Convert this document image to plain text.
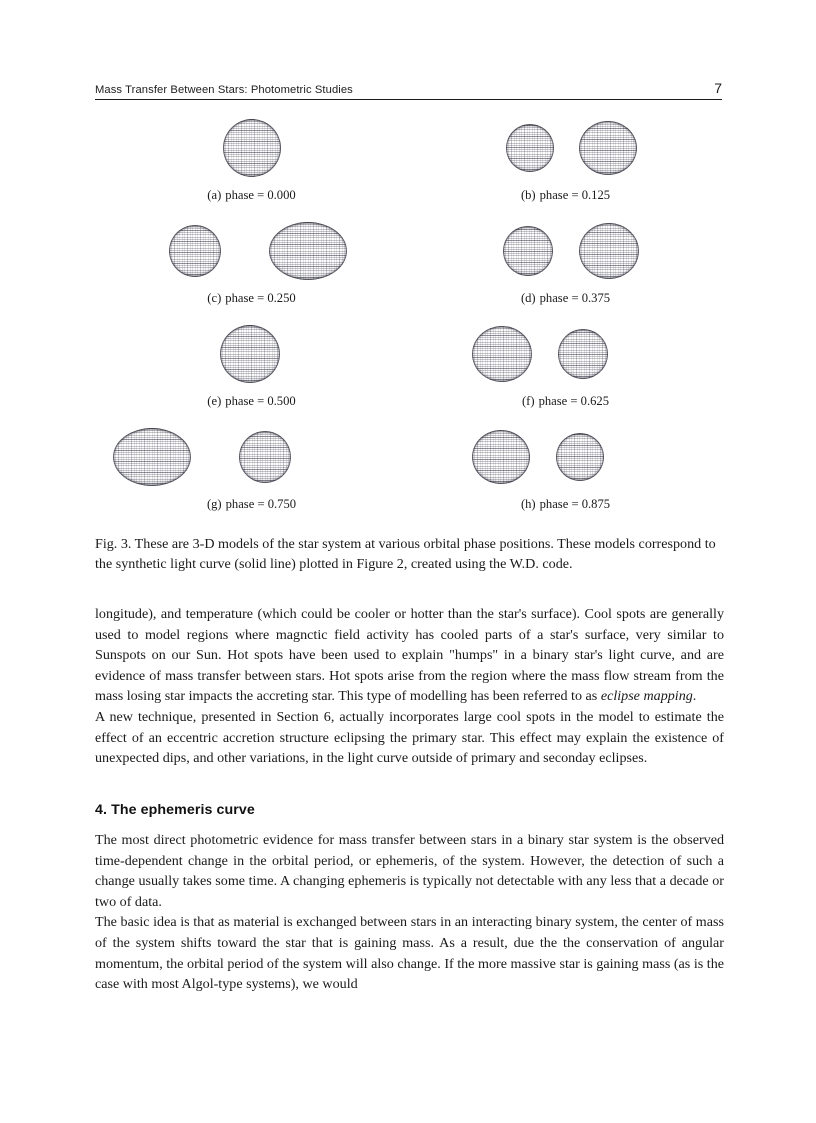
Mass Transfer Between Stars: Photometric Studies	7
(a) phase = 0.000	(b) phase = 0.125
(c) phase = 0.250	(d) phase = 0.375
(e) phase = 0.500	(f) phase = 0.625
(g) phase = 0.750	(h) phase = 0.875
Fig. 3. These are 3-D models of the star system at various orbital phase positions. These models correspond to the synthetic light curve (solid line) plotted in Figure 2, created using the W.D. code.

longitude), and temperature (which could be cooler or hotter than the star's surface). Cool spots are generally used to model regions where magnctic field activity has cooled parts of a star's surface, very similar to Sunspots on our Sun. Hot spots have been used to explain "humps" in a binary star's light curve, and are evidence of mass transfer between stars. Hot spots arise from the region where the mass flow stream from the mass losing star impacts the accreting star. This type of modelling has been referred to as eclipse mapping.

A new technique, presented in Section 6, actually incorporates large cool spots in the model to estimate the effect of an eccentric accretion structure eclipsing the primary star. This effect may explain the existence of unexpected dips, and other variations, in the light curve outside of primary and seconday eclipses.

4. The ephemeris curve

The most direct photometric evidence for mass transfer between stars in a binary star system is the observed time-dependent change in the orbital period, or ephemeris, of the system. However, the detection of such a change usually takes some time. A changing ephemeris is typically not detectable with any less that a decade or two of data.

The basic idea is that as material is exchanged between stars in an interacting binary system, the center of mass of the system shifts toward the star that is gaining mass. As a result, due the the conservation of angular momentum, the orbital period of the system will also change. If the more massive star is gaining mass (as is the case with most Algol-type systems), we would
